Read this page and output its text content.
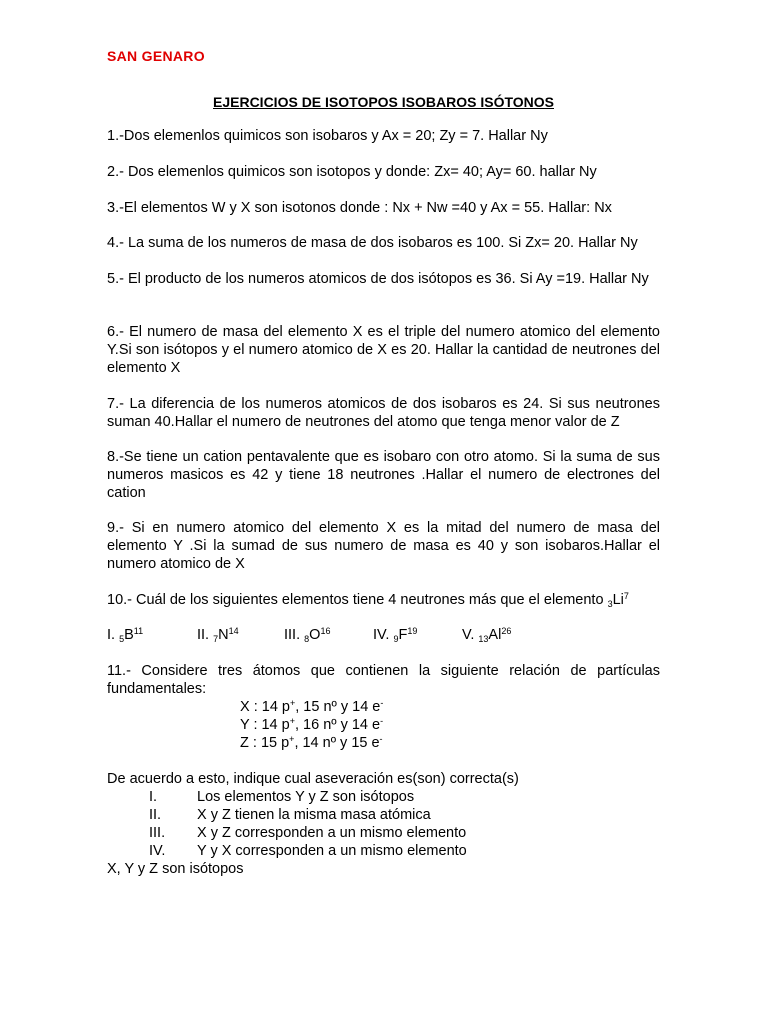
SAN GENARO
EJERCICIOS DE ISOTOPOS ISOBAROS ISÓTONOS
1.-Dos elemenlos quimicos son isobaros y Ax = 20; Zy = 7. Hallar Ny
2.- Dos elemenlos quimicos son isotopos y donde: Zx= 40; Ay= 60. hallar Ny
3.-El elementos W y X son isotonos donde : Nx + Nw =40 y Ax = 55. Hallar: Nx
4.- La suma de los numeros de masa de dos isobaros es 100. Si Zx= 20. Hallar Ny
5.- El producto de los numeros atomicos de dos isótopos es 36. Si Ay =19. Hallar Ny
6.- El numero de masa del elemento X es el triple del numero atomico del elemento Y.Si son isótopos y el numero atomico de X es 20. Hallar la cantidad de neutrones del elemento X
7.- La diferencia de los numeros atomicos de dos isobaros es 24. Si sus neutrones suman 40.Hallar el numero de neutrones del atomo que tenga menor valor de Z
8.-Se tiene un cation pentavalente que es isobaro con otro atomo. Si la suma de sus numeros masicos es 42 y tiene 18 neutrones .Hallar el numero de electrones del cation
9.- Si en numero atomico del elemento X es la mitad del numero de masa del elemento Y .Si la sumad de sus numero de masa es 40 y son isobaros.Hallar el numero atomico de X
10.- Cuál de los siguientes elementos tiene 4 neutrones más que el elemento $_3Li^7$
I. $_5B^{11}$	II. $_7N^{14}$	III. $_8O^{16}$	IV. $_9F^{19}$	V. $_{13}Al^{26}$
11.- Considere tres átomos que contienen la siguiente relación de partículas fundamentales:
X : 14 p+, 15 nº y 14 e-
Y : 14 p+, 16 nº y 14 e-
Z : 15 p+, 14 nº y 15 e-
De acuerdo a esto, indique cual aseveración es(son) correcta(s)
I.	Los elementos Y y Z son isótopos
II. X y Z tienen la misma masa atómica
III. X y Z corresponden a un mismo elemento
IV. Y y X corresponden a un mismo elemento
X, Y y Z son isótopos
